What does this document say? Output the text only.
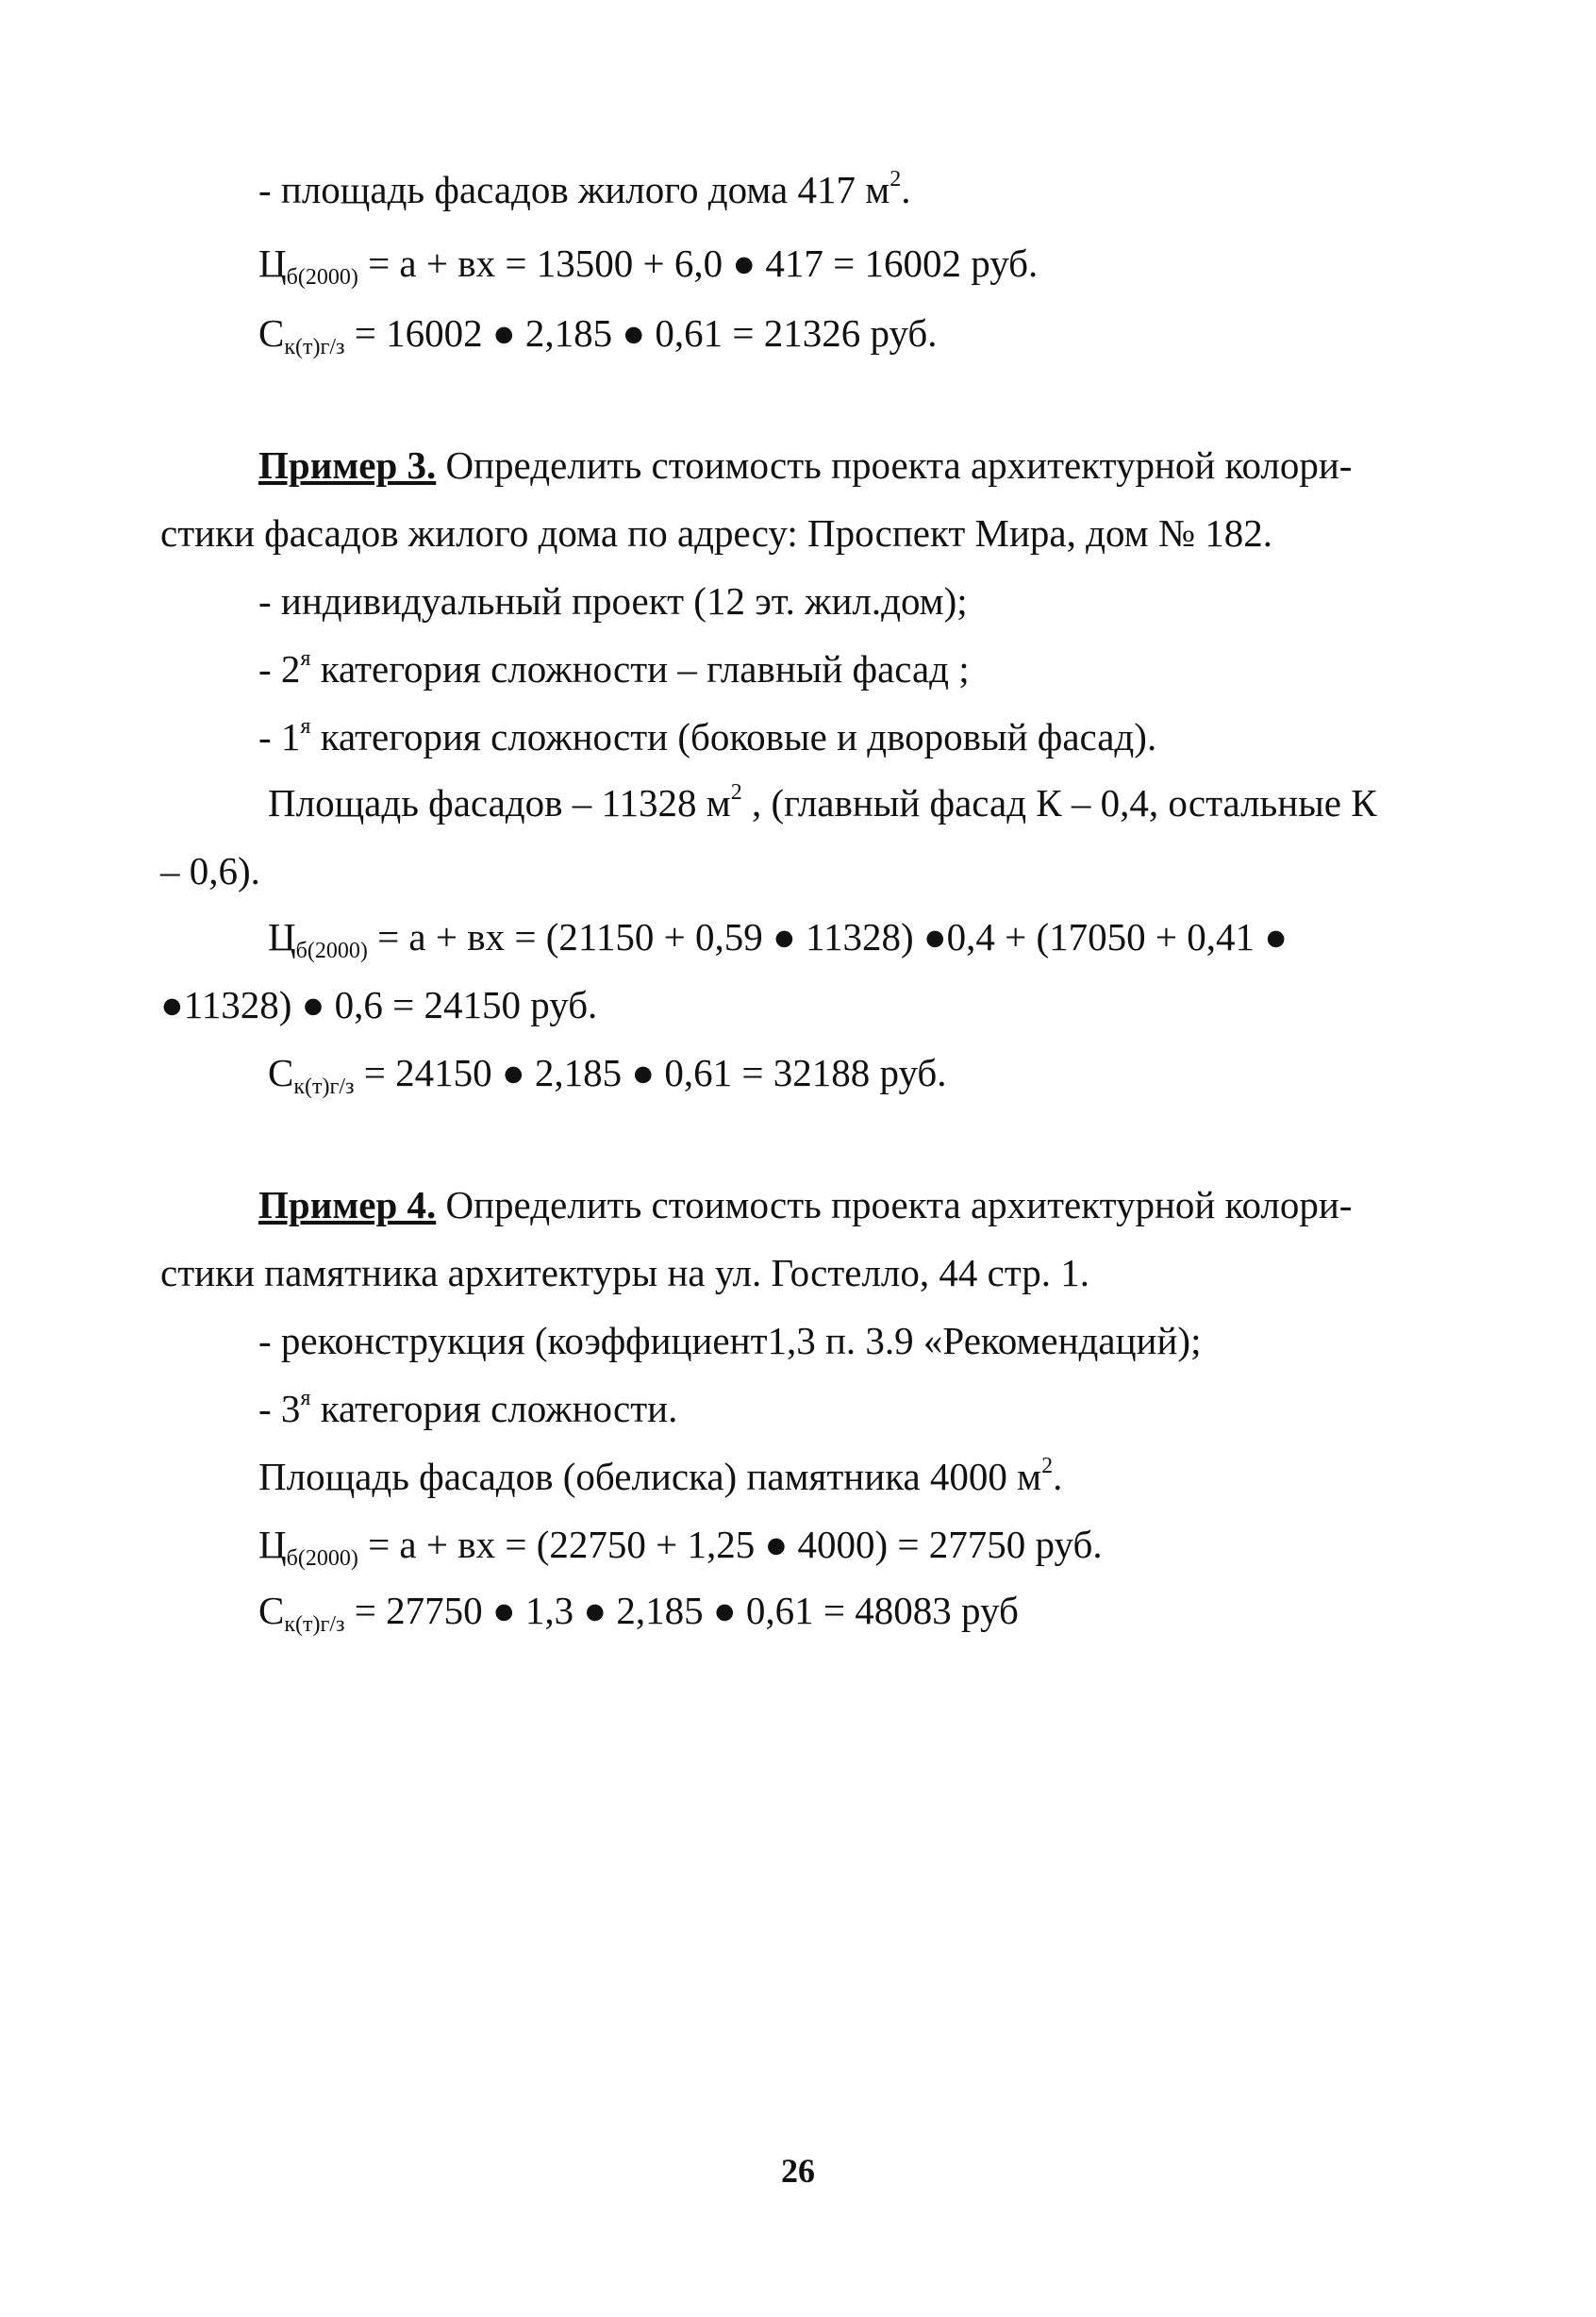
- площадь фасадов жилого дома 417 $м^2$.
$Ц_{б(2000)} = а$ + вх = 13500 + 6,0 ● 417 = 16002 руб.
$С_{к(т)г/з} = 16002$ ● 2,185 ● 0,61 = 21326 руб.
Пример 3. Определить стоимость проекта архитектурной колори-
стики фасадов жилого дома по адресу: Проспект Мира, дом № 182.
- индивидуальный проект (12 эт. жил.дом);
- $2^я$ категория сложности – главный фасад ;
- $1^я$ категория сложности (боковые и дворовый фасад).
Площадь фасадов – 11328 $м^2$ , (главный фасад К – 0,4, остальные К
– 0,6).
$Ц_{б(2000)} = а$ + вх = (21150 + 0,59 ● 11328) ●0,4 + (17050 + 0,41 ●
●11328) ● 0,6 = 24150 руб.
$С_{к(т)г/з} = 24150$ ● 2,185 ● 0,61 = 32188 руб.
Пример 4. Определить стоимость проекта архитектурной колори-
стики памятника архитектуры на ул. Гостелло, 44 стр. 1.
- реконструкция (коэффициент1,3 п. 3.9 «Рекомендаций);
- $3^я$ категория сложности.
Площадь фасадов (обелиска) памятника 4000 $м^2$.
$Ц_{б(2000)} = а$ + вх = (22750 + 1,25 ● 4000) = 27750 руб.
$С_{к(т)г/з} = 27750$ ● 1,3 ● 2,185 ● 0,61 = 48083 руб
26
